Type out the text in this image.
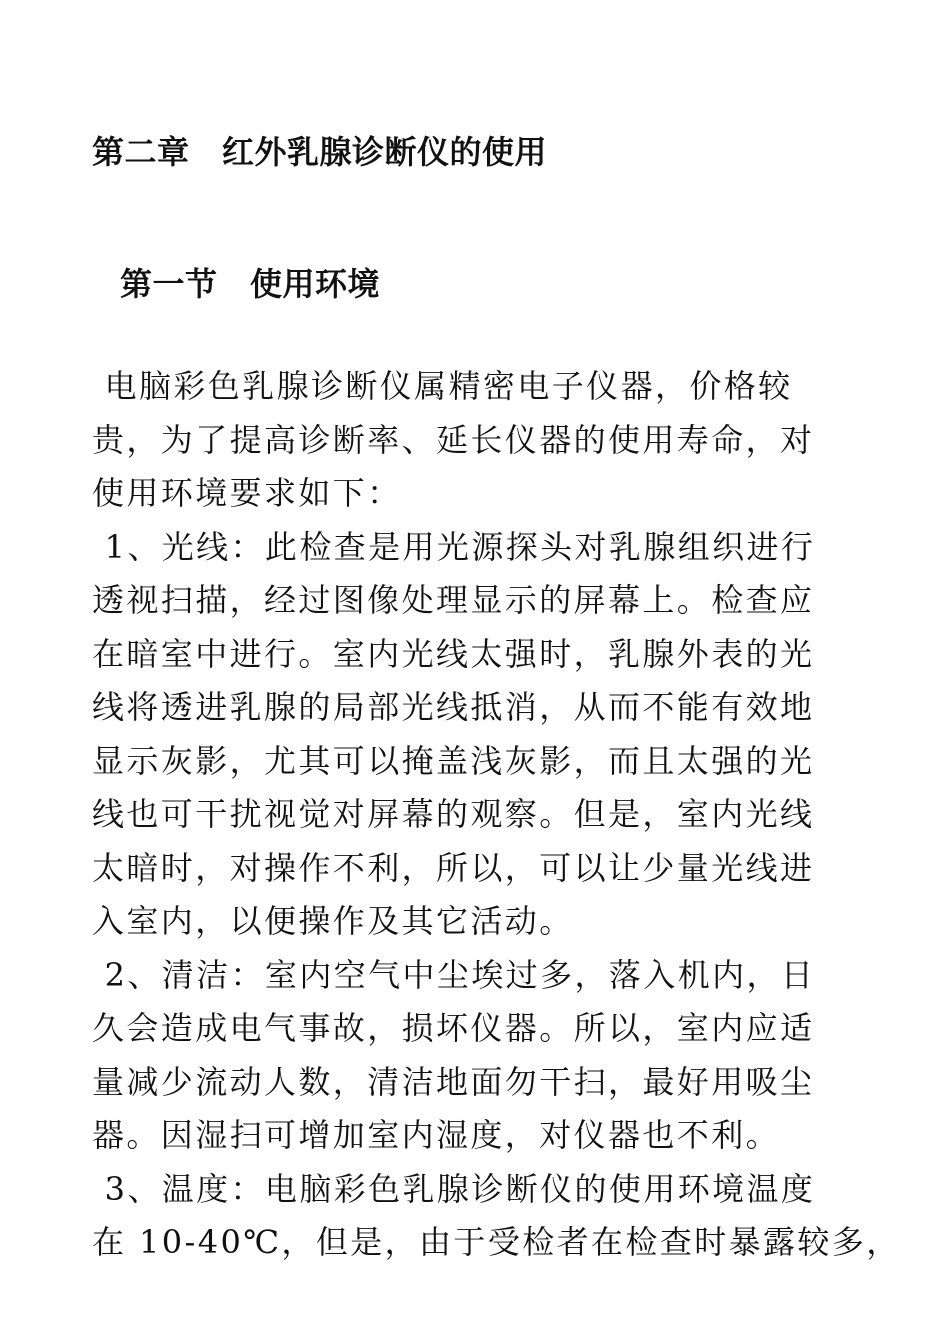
第二章　红外乳腺诊断仪的使用
第一节　使用环境
电脑彩色乳腺诊断仪属精密电子仪器，价格较
贵，为了提高诊断率、延长仪器的使用寿命，对
使用环境要求如下：
1、光线：此检查是用光源探头对乳腺组织进行
透视扫描，经过图像处理显示的屏幕上。检查应
在暗室中进行。室内光线太强时，乳腺外表的光
线将透进乳腺的局部光线抵消，从而不能有效地
显示灰影，尤其可以掩盖浅灰影，而且太强的光
线也可干扰视觉对屏幕的观察。但是，室内光线
太暗时，对操作不利，所以，可以让少量光线进
入室内，以便操作及其它活动。
2、清洁：室内空气中尘埃过多，落入机内，日
久会造成电气事故，损坏仪器。所以，室内应适
量减少流动人数，清洁地面勿干扫，最好用吸尘
器。因湿扫可增加室内湿度，对仪器也不利。
3、温度：电脑彩色乳腺诊断仪的使用环境温度
在 10-40℃，但是，由于受检者在检查时暴露较多，
